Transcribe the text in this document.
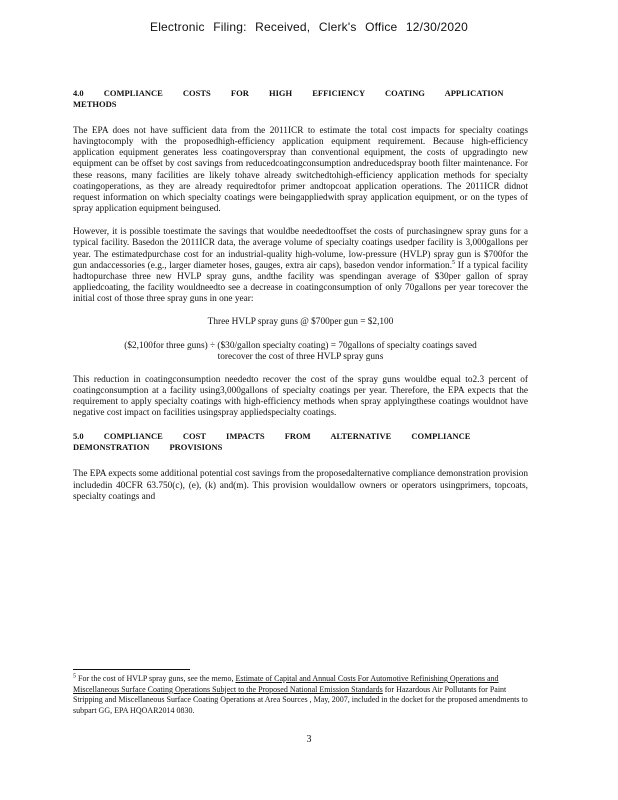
Electronic Filing: Received, Clerk's Office 12/30/2020
4.0 COMPLIANCE COSTS FOR HIGH EFFICIENCY COATING APPLICATION METHODS

The EPA does not have sufficient data from the 2011ICR to estimate the total cost impacts for specialty coatings havingtocomply with the proposedhigh-efficiency application equipment requirement. Because high-efficiency application equipment generates less coatingoverspray than conventional equipment, the costs of upgradingto new equipment can be offset by cost savings from reducedcoatingconsumption andreducedspray booth filter maintenance. For these reasons, many facilities are likely tohave already switchedtohigh-efficiency application methods for specialty coatingoperations, as they are already requiredtofor primer andtopcoat application operations. The 2011ICR didnot request information on which specialty coatings were beingappliedwith spray application equipment, or on the types of spray application equipment beingused.

However, it is possible toestimate the savings that wouldbe neededtooffset the costs of purchasingnew spray guns for a typical facility. Basedon the 2011ICR data, the average volume of specialty coatings usedper facility is 3,000gallons per year. The estimatedpurchase cost for an industrial-quality high-volume, low-pressure (HVLP) spray gun is $700for the gun andaccessories (e.g., larger diameter hoses, gauges, extra air caps), basedon vendor information.$^5$ If a typical facility hadtopurchase three new HVLP spray guns, andthe facility was spendingan average of $30per gallon of spray appliedcoating, the facility wouldneedto see a decrease in coatingconsumption of only 70gallons per year torecover the initial cost of those three spray guns in one year:

Three HVLP spray guns @ $700per gun = $2,100
($2,100for three guns) ÷ ($30/gallon specialty coating) = 70gallons of specialty coatings saved
torecover the cost of three HVLP spray guns

This reduction in coatingconsumption neededto recover the cost of the spray guns wouldbe equal to2.3 percent of coatingconsumption at a facility using3,000gallons of specialty coatings per year. Therefore, the EPA expects that the requirement to apply specialty coatings with high-efficiency methods when spray applyingthese coatings wouldnot have negative cost impact on facilities usingspray appliedspecialty coatings.

5.0 COMPLIANCE COST IMPACTS FROM ALTERNATIVE COMPLIANCE DEMONSTRATION PROVISIONS

The EPA expects some additional potential cost savings from the proposedalternative compliance demonstration provision includedin 40CFR 63.750(c), (e), (k) and(m). This provision wouldallow owners or operators usingprimers, topcoats, specialty coatings and

$^5$ For the cost of HVLP spray guns, see the memo, Estimate of Capital and Annual Costs For Automotive Refinishing Operations and Miscellaneous Surface Coating Operations Subject to the Proposed National Emission Standards for Hazardous Air Pollutants for Paint Stripping and Miscellaneous Surface Coating Operations at Area Sources , May, 2007, included in the docket for the proposed amendments to subpart GG, EPA HQOAR2014 0830.
3
